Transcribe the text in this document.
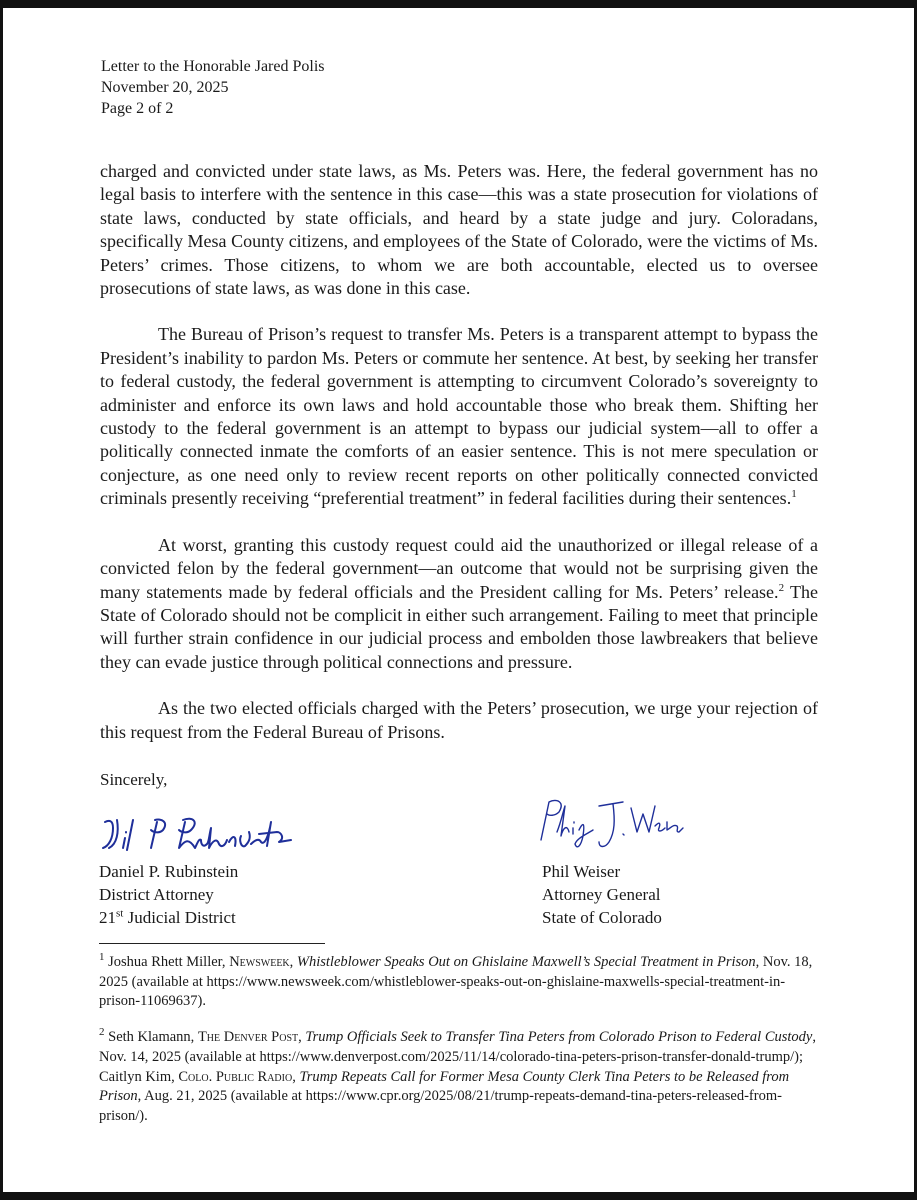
Letter to the Honorable Jared Polis
November 20, 2025
Page 2 of 2

charged and convicted under state laws, as Ms. Peters was. Here, the federal government has no legal basis to interfere with the sentence in this case—this was a state prosecution for violations of state laws, conducted by state officials, and heard by a state judge and jury. Coloradans, specifically Mesa County citizens, and employees of the State of Colorado, were the victims of Ms. Peters’ crimes. Those citizens, to whom we are both accountable, elected us to oversee prosecutions of state laws, as was done in this case.

The Bureau of Prison’s request to transfer Ms. Peters is a transparent attempt to bypass the President’s inability to pardon Ms. Peters or commute her sentence. At best, by seeking her transfer to federal custody, the federal government is attempting to circumvent Colorado’s sovereignty to administer and enforce its own laws and hold accountable those who break them. Shifting her custody to the federal government is an attempt to bypass our judicial system—all to offer a politically connected inmate the comforts of an easier sentence. This is not mere speculation or conjecture, as one need only to review recent reports on other politically connected convicted criminals presently receiving “preferential treatment” in federal facilities during their sentences.$^1$

At worst, granting this custody request could aid the unauthorized or illegal release of a convicted felon by the federal government—an outcome that would not be surprising given the many statements made by federal officials and the President calling for Ms. Peters’ release.$^2$ The State of Colorado should not be complicit in either such arrangement. Failing to meet that principle will further strain confidence in our judicial process and embolden those lawbreakers that believe they can evade justice through political connections and pressure.

As the two elected officials charged with the Peters’ prosecution, we urge your rejection of this request from the Federal Bureau of Prisons.

Sincerely,
Daniel P. Rubinstein
District Attorney
21st Judicial District
Phil Weiser
Attorney General
State of Colorado
$^1$ Joshua Rhett Miller, Newsweek, Whistleblower Speaks Out on Ghislaine Maxwell’s Special Treatment in Prison, Nov. 18, 2025 (available at https://www.newsweek.com/whistleblower-speaks-out-on-ghislaine-maxwells-special-treatment-in-prison-11069637).
$^2$ Seth Klamann, The Denver Post, Trump Officials Seek to Transfer Tina Peters from Colorado Prison to Federal Custody, Nov. 14, 2025 (available at https://www.denverpost.com/2025/11/14/colorado-tina-peters-prison-transfer-donald-trump/); Caitlyn Kim, Colo. Public Radio, Trump Repeats Call for Former Mesa County Clerk Tina Peters to be Released from Prison, Aug. 21, 2025 (available at https://www.cpr.org/2025/08/21/trump-repeats-demand-tina-peters-released-from-prison/).
